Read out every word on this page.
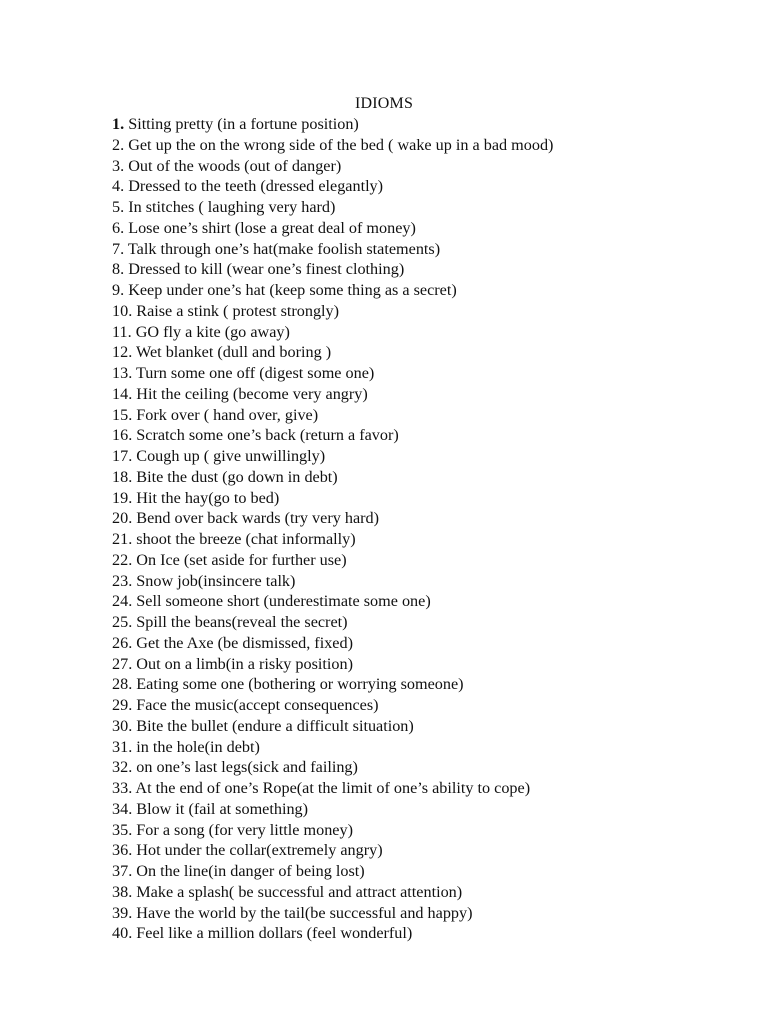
IDIOMS
1. Sitting pretty (in a fortune position)
2. Get up the on the wrong side of the bed ( wake up in a bad mood)
3. Out of the woods (out of danger)
4. Dressed to the teeth (dressed elegantly)
5. In stitches ( laughing very hard)
6. Lose one’s shirt (lose a great deal of money)
7. Talk through one’s hat(make foolish statements)
8. Dressed to kill (wear one’s finest clothing)
9. Keep under one’s hat (keep some thing as a secret)
10. Raise a stink ( protest strongly)
11. GO fly a kite (go away)
12. Wet blanket (dull and boring )
13. Turn some one off (digest some one)
14. Hit the ceiling (become very angry)
15. Fork over ( hand over, give)
16. Scratch some one’s back (return a favor)
17. Cough up ( give unwillingly)
18. Bite the dust (go down in debt)
19. Hit the hay(go to bed)
20. Bend over back wards (try very hard)
21. shoot the breeze (chat informally)
22. On Ice (set aside for further use)
23. Snow job(insincere talk)
24. Sell someone short (underestimate some one)
25. Spill the beans(reveal the secret)
26. Get the Axe (be dismissed, fixed)
27. Out on a limb(in a risky position)
28. Eating some one (bothering or worrying someone)
29. Face the music(accept consequences)
30. Bite the bullet (endure a difficult situation)
31. in the hole(in debt)
32. on one’s last legs(sick and failing)
33. At the end of one’s Rope(at the limit of one’s ability to cope)
34. Blow it (fail at something)
35. For a song (for very little money)
36. Hot under the collar(extremely angry)
37. On the line(in danger of being lost)
38. Make a splash( be successful and attract attention)
39. Have the world by the tail(be successful and happy)
40. Feel like a million dollars (feel wonderful)
